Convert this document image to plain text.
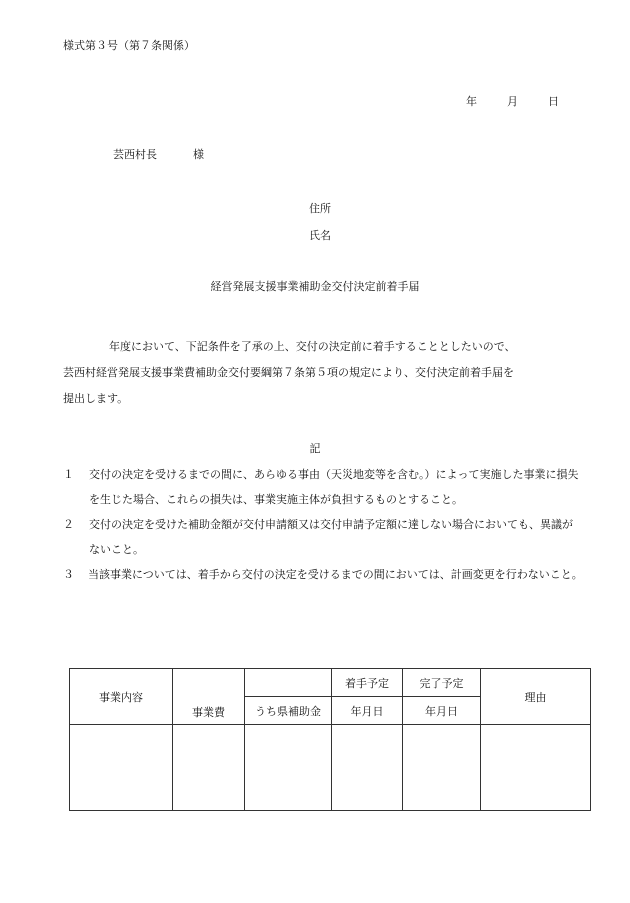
様式第３号（第７条関係）
年	月	日
芸西村長	様
住所
氏名
経営発展支援事業補助金交付決定前着手届

年度において、下記条件を了承の上、交付の決定前に着手することとしたいので、
芸西村経営発展支援事業費補助金交付要綱第７条第５項の規定により、交付決定前着手届を
提出します。

記
１ 交付の決定を受けるまでの間に、あらゆる事由（天災地変等を含む。）によって実施した事業に損失を生じた場合、これらの損失は、事業実施主体が負担するものとすること。
２ 交付の決定を受けた補助金額が交付申請額又は交付申請予定額に達しない場合においても、異議がないこと。
３ 当該事業については、着手から交付の決定を受けるまでの間においては、計画変更を行わないこと。
事業内容	事業費		着手予定	完了予定	理由
		うち県補助金	年月日	年月日	
